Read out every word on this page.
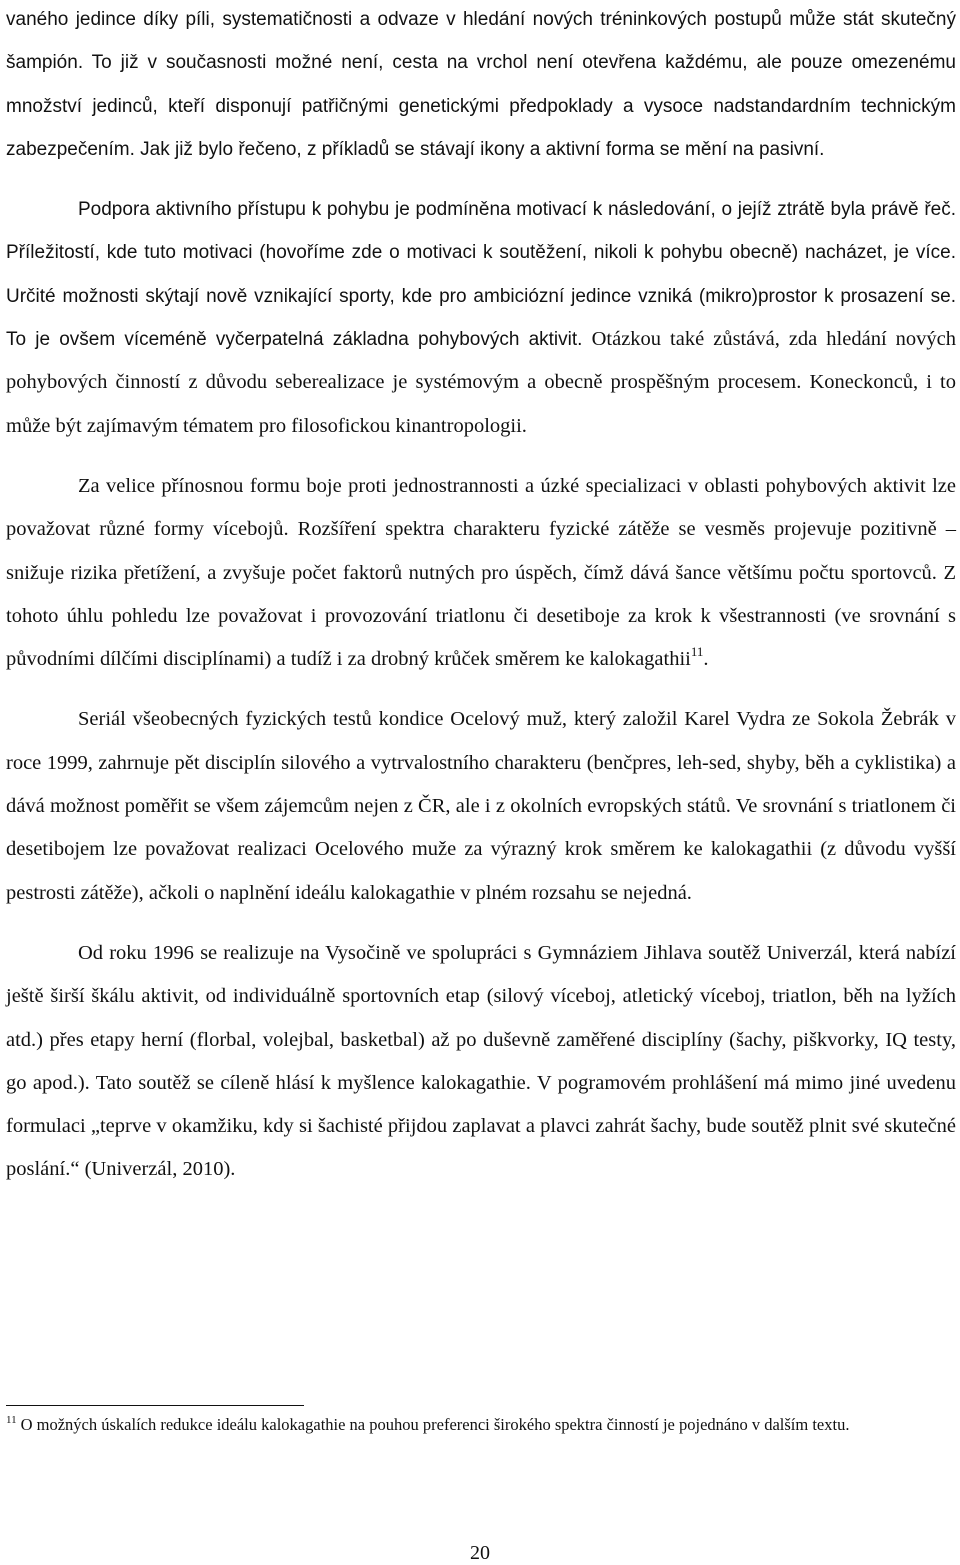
vaného jedince díky píli, systematičnosti a odvaze v hledání nových tréninkových postupů může stát skutečný šampión. To již v současnosti možné není, cesta na vrchol není otevřena každému, ale pouze omezenému množství jedinců, kteří disponují patřičnými genetickými předpoklady a vysoce nadstandardním technickým zabezpečením. Jak již bylo řečeno, z příkladů se stávají ikony a aktivní forma se mění na pasivní.

Podpora aktivního přístupu k pohybu je podmíněna motivací k následování, o jejíž ztrátě byla právě řeč. Příležitostí, kde tuto motivaci (hovoříme zde o motivaci k soutěžení, nikoli k pohybu obecně) nacházet, je více. Určité možnosti skýtají nově vznikající sporty, kde pro ambiciózní jedince vzniká (mikro)prostor k prosazení se. To je ovšem víceméně vyčerpatelná základna pohybových aktivit. Otázkou také zůstává, zda hledání nových pohybových činností z důvodu seberealizace je systémovým a obecně prospěšným procesem. Koneckonců, i to může být zajímavým tématem pro filosofickou kinantropologii.

Za velice přínosnou formu boje proti jednostrannosti a úzké specializaci v oblasti pohybových aktivit lze považovat různé formy vícebojů. Rozšíření spektra charakteru fyzické zátěže se vesměs projevuje pozitivně – snižuje rizika přetížení, a zvyšuje počet faktorů nutných pro úspěch, čímž dává šance většímu počtu sportovců. Z tohoto úhlu pohledu lze považovat i provozování triatlonu či desetiboje za krok k všestrannosti (ve srovnání s původními dílčími disciplínami) a tudíž i za drobný krůček směrem ke kalokagathii$^{11}$.

Seriál všeobecných fyzických testů kondice Ocelový muž, který založil Karel Vydra ze Sokola Žebrák v roce 1999, zahrnuje pět disciplín silového a vytrvalostního charakteru (benčpres, leh-sed, shyby, běh a cyklistika) a dává možnost poměřit se všem zájemcům nejen z ČR, ale i z okolních evropských států. Ve srovnání s triatlonem či desetibojem lze považovat realizaci Ocelového muže za výrazný krok směrem ke kalokagathii (z důvodu vyšší pestrosti zátěže), ačkoli o naplnění ideálu kalokagathie v plném rozsahu se nejedná.

Od roku 1996 se realizuje na Vysočině ve spolupráci s Gymnáziem Jihlava soutěž Univerzál, která nabízí ještě širší škálu aktivit, od individuálně sportovních etap (silový víceboj, atletický víceboj, triatlon, běh na lyžích atd.) přes etapy herní (florbal, volejbal, basketbal) až po duševně zaměřené disciplíny (šachy, piškvorky, IQ testy, go apod.). Tato soutěž se cíleně hlásí k myšlence kalokagathie. V pogramovém prohlášení má mimo jiné uvedenu formulaci „teprve v okamžiku, kdy si šachisté přijdou zaplavat a plavci zahrát šachy, bude soutěž plnit své skutečné poslání.“ (Univerzál, 2010).

$^{11}$ O možných úskalích redukce ideálu kalokagathie na pouhou preferenci širokého spektra činností je pojednáno v dalším textu.
20
